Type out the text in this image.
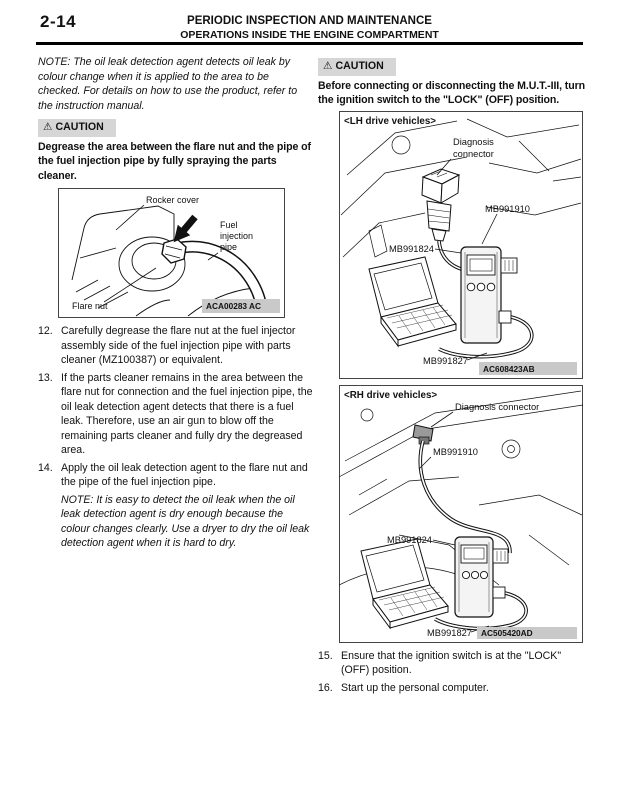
2-14	PERIODIC INSPECTION AND MAINTENANCE
OPERATIONS INSIDE THE ENGINE COMPARTMENT

NOTE: The oil leak detection agent detects oil leak by colour change when it is applied to the area to be checked. For details on how to use the product, refer to the instruction manual.

⚠ CAUTION

Degrease the area between the flare nut and the pipe of the fuel injection pipe by fully spraying the parts cleaner.

Rocker cover
Fuel
injection
pipe
Flare nut	ACA00283 AC
12. Carefully degrease the flare nut at the fuel injector assembly side of the fuel injection pipe with parts cleaner (MZ100387) or equivalent.
13. If the parts cleaner remains in the area between the flare nut for connection and the fuel injection pipe, the oil leak detection agent detects that there is a fuel leak. Therefore, use an air gun to blow off the remaining parts cleaner and fully dry the degreased area.
14. Apply the oil leak detection agent to the flare nut and the pipe of the fuel injection pipe.

NOTE: It is easy to detect the oil leak when the oil leak detection agent is dry enough because the colour changes clearly. Use a dryer to dry the oil leak detection agent when it is hard to dry.

⚠ CAUTION

Before connecting or disconnecting the M.U.T.-III, turn the ignition switch to the "LOCK" (OFF) position.

<LH drive vehicles>
Diagnosis
connector
MB991910
MB991824
MB991827
AC608423AB
<RH drive vehicles>
Diagnosis connector
MB991910
MB991824
MB991827 AC505420AD
15. Ensure that the ignition switch is at the "LOCK" (OFF) position.
16. Start up the personal computer.
